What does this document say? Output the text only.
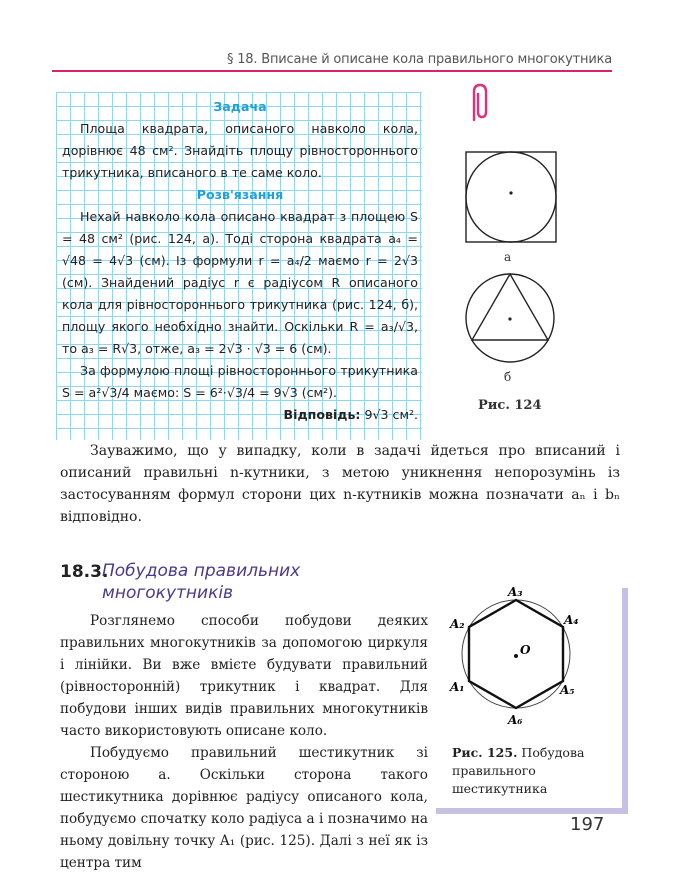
§ 18. Вписане й описане кола правильного многокутника
Задача

Площа квадрата, описаного навколо кола, дорівнює 48 см². Знайдіть площу рівностороннього трикутника, вписаного в те саме коло.

Розв'язання

Нехай навколо кола описано квадрат з площею S = 48 см² (рис. 124, а). Тоді сторона квадрата a₄ = √48 = 4√3 (см). Із формули r = a₄/2 маємо r = 2√3 (см). Знайдений радіус r є радіусом R описаного кола для рівностороннього трикутника (рис. 124, б), площу якого необхідно знайти. Оскільки R = a₃/√3, то a₃ = R√3, отже, a₃ = 2√3 · √3 = 6 (см).

За формулою площі рівностороннього трикутника S = a²√3/4 маємо: S = 6²·√3/4 = 9√3 (см²).

Відповідь: 9√3 см².

а
б
Рис. 124

Зауважимо, що у випадку, коли в задачі йдеться про вписаний і описаний правильні n-кутники, з метою уникнення непорозумінь із застосуванням формул сторони цих n-кутників можна позначати aₙ і bₙ відповідно.

18.3.
Побудова правильних многокутників

Розглянемо способи побудови деяких правильних многокутників за допомогою циркуля і лінійки. Ви вже вмієте будувати правильний (рівносторонній) трикутник і квадрат. Для побудови інших видів правильних многокутників часто використовують описане коло.

Побудуємо правильний шестикутник зі стороною a. Оскільки сторона такого шестикутника дорівнює радіусу описаного кола, побудуємо спочатку коло радіуса a і позначимо на ньому довільну точку A₁ (рис. 125). Далі з неї як із центра тим

O
A₁
A₂
A₃
A₄
A₅
A₆
Рис. 125. Побудова правильного шестикутника
197
